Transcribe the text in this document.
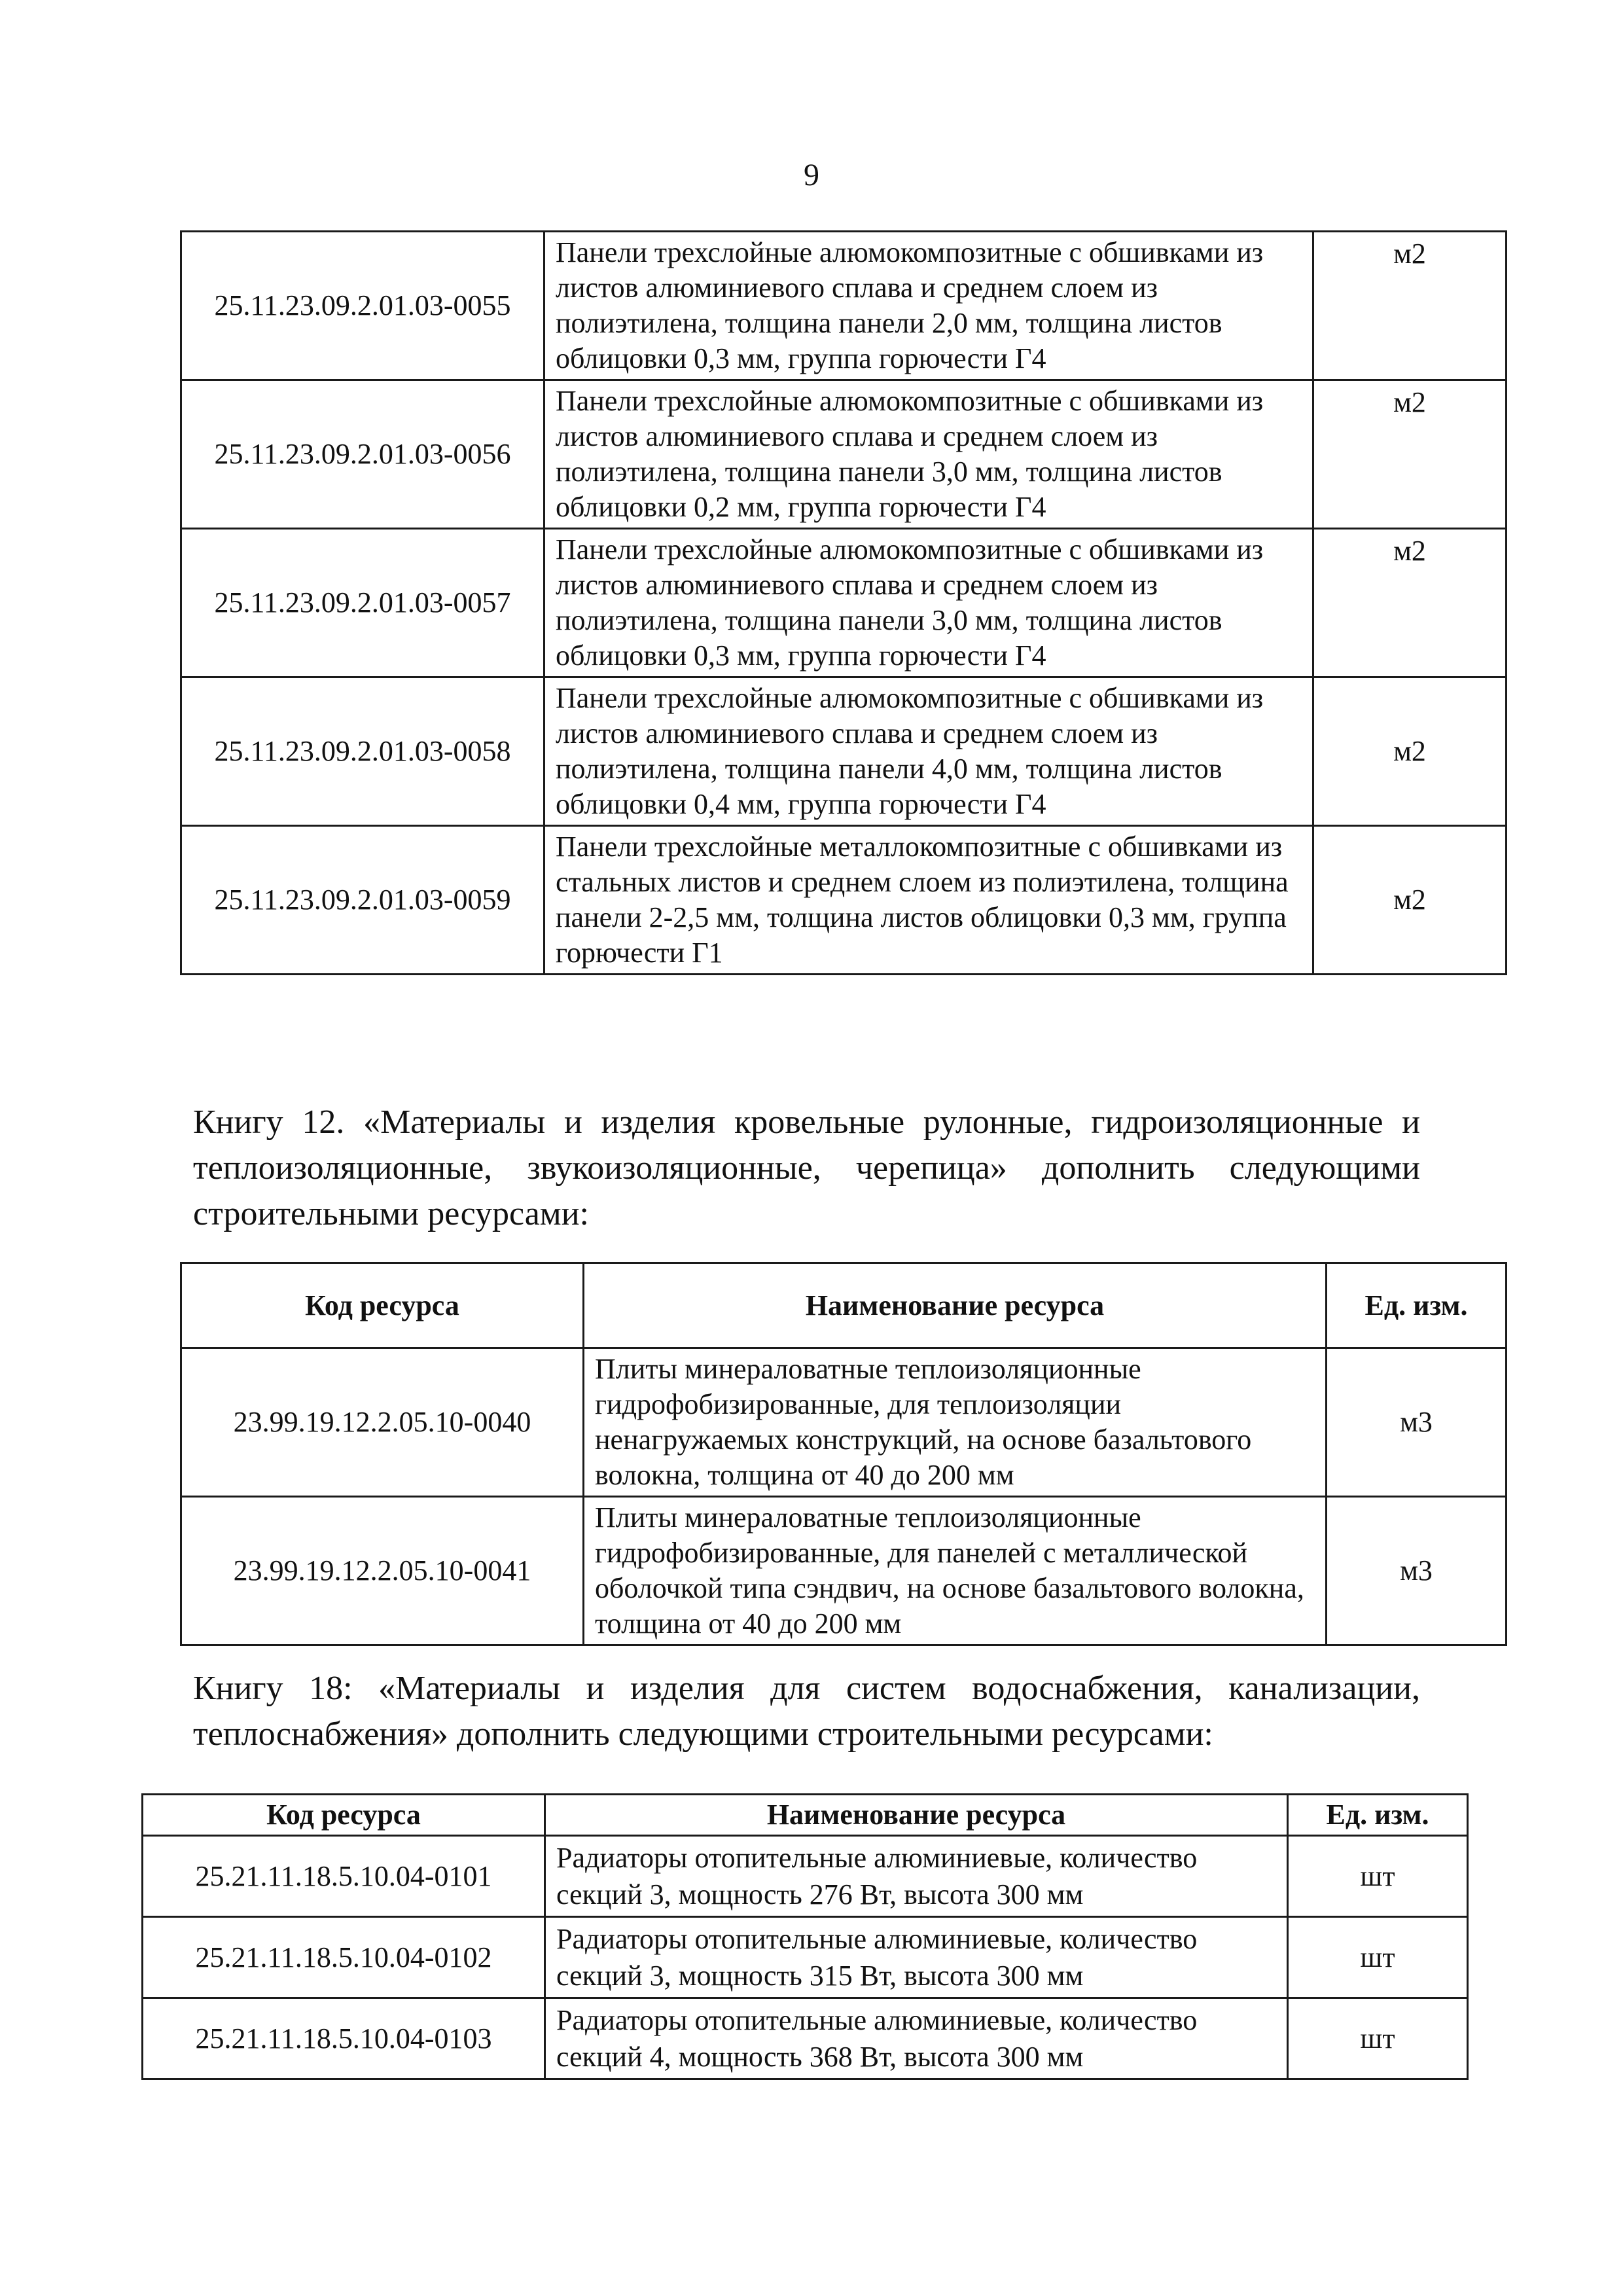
9
25.11.23.09.2.01.03-0055	Панели трехслойные алюмокомпозитные с обшивками из листов алюминиевого сплава и среднем слоем из полиэтилена, толщина панели 2,0 мм, толщина листов облицовки 0,3 мм, группа горючести Г4	м2
25.11.23.09.2.01.03-0056	Панели трехслойные алюмокомпозитные с обшивками из листов алюминиевого сплава и среднем слоем из полиэтилена, толщина панели 3,0 мм, толщина листов облицовки 0,2 мм, группа горючести Г4	м2
25.11.23.09.2.01.03-0057	Панели трехслойные алюмокомпозитные с обшивками из листов алюминиевого сплава и среднем слоем из полиэтилена, толщина панели 3,0 мм, толщина листов облицовки 0,3 мм, группа горючести Г4	м2
25.11.23.09.2.01.03-0058	Панели трехслойные алюмокомпозитные с обшивками из листов алюминиевого сплава и среднем слоем из полиэтилена, толщина панели 4,0 мм, толщина листов облицовки 0,4 мм, группа горючести Г4	м2
25.11.23.09.2.01.03-0059	Панели трехслойные металлокомпозитные с обшивками из стальных листов и среднем слоем из полиэтилена, толщина панели 2-2,5 мм, толщина листов облицовки 0,3 мм, группа горючести Г1	м2
Книгу 12. «Материалы и изделия кровельные рулонные, гидроизоляционные и теплоизоляционные, звукоизоляционные, черепица» дополнить следующими строительными ресурсами:
Код ресурса	Наименование ресурса	Ед. изм.
23.99.19.12.2.05.10-0040	Плиты минераловатные теплоизоляционные гидрофобизированные, для теплоизоляции ненагружаемых конструкций, на основе базальтового волокна, толщина от 40 до 200 мм	м3
23.99.19.12.2.05.10-0041	Плиты минераловатные теплоизоляционные гидрофобизированные, для панелей с металлической оболочкой типа сэндвич, на основе базальтового волокна, толщина от 40 до 200 мм	м3
Книгу 18: «Материалы и изделия для систем водоснабжения, канализации, теплоснабжения» дополнить следующими строительными ресурсами:
Код ресурса	Наименование ресурса	Ед. изм.
25.21.11.18.5.10.04-0101	Радиаторы отопительные алюминиевые, количество секций 3, мощность 276 Вт, высота 300 мм	шт
25.21.11.18.5.10.04-0102	Радиаторы отопительные алюминиевые, количество секций 3, мощность 315 Вт, высота 300 мм	шт
25.21.11.18.5.10.04-0103	Радиаторы отопительные алюминиевые, количество секций 4, мощность 368 Вт, высота 300 мм	шт
